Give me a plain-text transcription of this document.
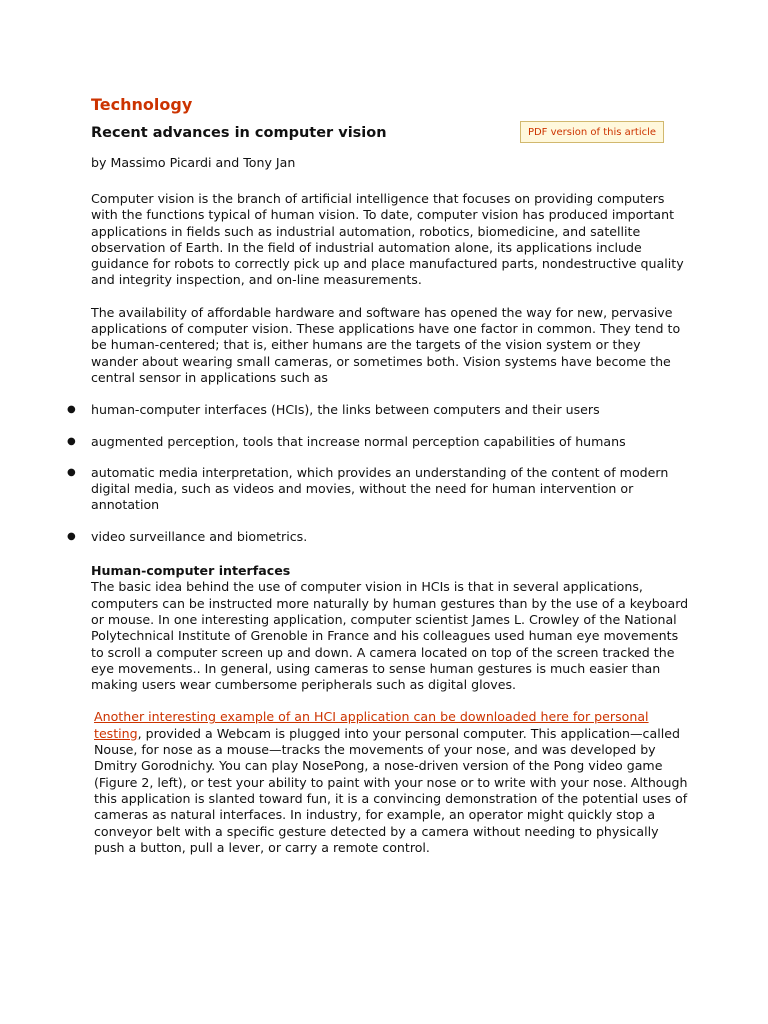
Technology
Recent advances in computer vision	PDF version of this article

by Massimo Picardi and Tony Jan

Computer vision is the branch of artificial intelligence that focuses on providing computers with the functions typical of human vision. To date, computer vision has produced important applications in fields such as industrial automation, robotics, biomedicine, and satellite observation of Earth. In the field of industrial automation alone, its applications include guidance for robots to correctly pick up and place manufactured parts, nondestructive quality and integrity inspection, and on-line measurements.

The availability of affordable hardware and software has opened the way for new, pervasive applications of computer vision. These applications have one factor in common. They tend to be human-centered; that is, either humans are the targets of the vision system or they wander about wearing small cameras, or sometimes both. Vision systems have become the central sensor in applications such as

● human-computer interfaces (HCIs), the links between computers and their users
● augmented perception, tools that increase normal perception capabilities of humans
● automatic media interpretation, which provides an understanding of the content of modern digital media, such as videos and movies, without the need for human intervention or annotation
● video surveillance and biometrics.

Human-computer interfaces

The basic idea behind the use of computer vision in HCIs is that in several applications, computers can be instructed more naturally by human gestures than by the use of a keyboard or mouse. In one interesting application, computer scientist James L. Crowley of the National Polytechnical Institute of Grenoble in France and his colleagues used human eye movements to scroll a computer screen up and down. A camera located on top of the screen tracked the eye movements.. In general, using cameras to sense human gestures is much easier than making users wear cumbersome peripherals such as digital gloves.

Another interesting example of an HCI application can be downloaded here for personal testing, provided a Webcam is plugged into your personal computer. This application—called Nouse, for nose as a mouse—tracks the movements of your nose, and was developed by Dmitry Gorodnichy. You can play NosePong, a nose-driven version of the Pong video game (Figure 2, left), or test your ability to paint with your nose or to write with your nose. Although this application is slanted toward fun, it is a convincing demonstration of the potential uses of cameras as natural interfaces. In industry, for example, an operator might quickly stop a conveyor belt with a specific gesture detected by a camera without needing to physically push a button, pull a lever, or carry a remote control.
